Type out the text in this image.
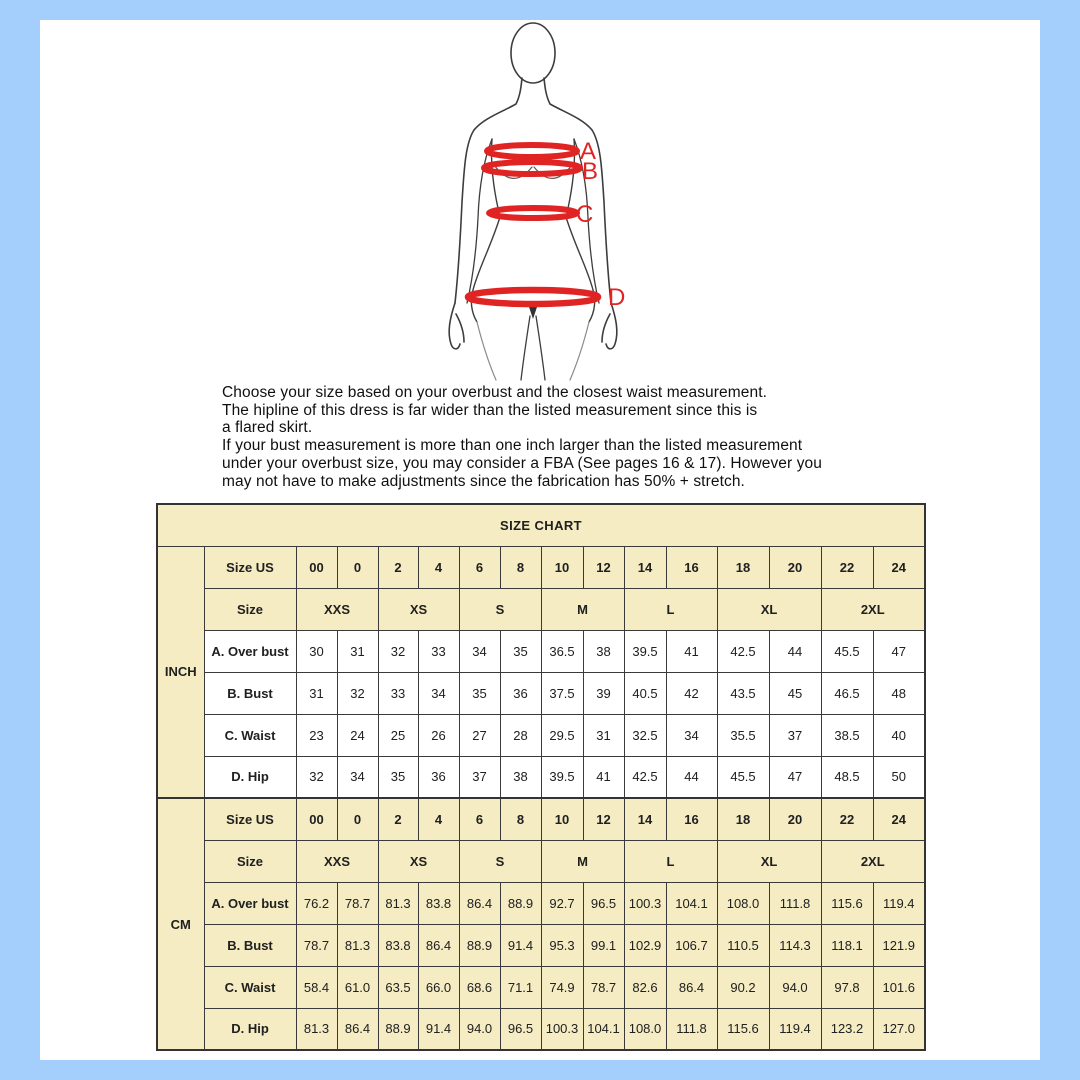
A
B
C
D
Choose your size based on your overbust and the closest waist measurement.
The hipline of this dress is far wider than the listed measurement since this is
a flared skirt.
If your bust measurement is more than one inch larger than the listed measurement
under your overbust size, you may consider a FBA (See pages 16 & 17). However you
may not have to make adjustments since the fabrication has 50% + stretch.
SIZE CHART															
INCH	Size US	00	0	2	4	6	8	10	12	14	16	18	20	22	24
	Size	XXS		XS		S		M		L		XL		2XL	
	A. Over bust	30	31	32	33	34	35	36.5	38	39.5	41	42.5	44	45.5	47
	B. Bust	31	32	33	34	35	36	37.5	39	40.5	42	43.5	45	46.5	48
	C. Waist	23	24	25	26	27	28	29.5	31	32.5	34	35.5	37	38.5	40
	D. Hip	32	34	35	36	37	38	39.5	41	42.5	44	45.5	47	48.5	50
CM	Size US	00	0	2	4	6	8	10	12	14	16	18	20	22	24
	Size	XXS		XS		S		M		L		XL		2XL	
	A. Over bust	76.2	78.7	81.3	83.8	86.4	88.9	92.7	96.5	100.3	104.1	108.0	111.8	115.6	119.4
	B. Bust	78.7	81.3	83.8	86.4	88.9	91.4	95.3	99.1	102.9	106.7	110.5	114.3	118.1	121.9
	C. Waist	58.4	61.0	63.5	66.0	68.6	71.1	74.9	78.7	82.6	86.4	90.2	94.0	97.8	101.6
	D. Hip	81.3	86.4	88.9	91.4	94.0	96.5	100.3	104.1	108.0	111.8	115.6	119.4	123.2	127.0
